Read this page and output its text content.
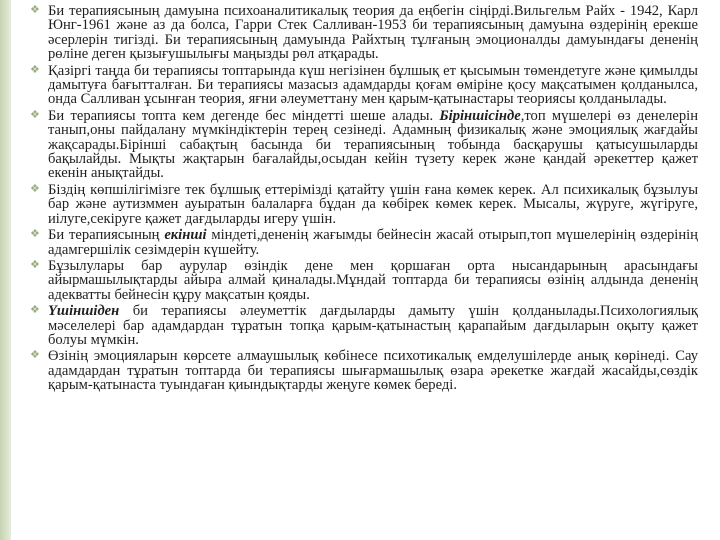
❖ Би терапиясының дамуына психоаналитикалық теория да еңбегін сіңірді.Вильгельм Райх - 1942, Карл Юнг-1961 және аз да болса, Гарри Стек Салливан-1953 би терапиясының дамуына өздерінің ерекше әсерлерін тигізді. Би терапиясының дамуында Райхтың тұлғаның эмоционалды дамуындағы дененің рөліне деген қызығушылығы маңызды рөл атқарады.
❖ Қазіргі таңда би терапиясы топтарында күш негізінен бұлшық ет қысымын төмендетуге және қимылды дамытуға бағытталған. Би терапиясы мазасыз адамдарды қоғам өміріне қосу мақсатымен қолданылса, онда Салливан ұсынған теория, яғни әлеуметтану мен қарым-қатынастары теориясы қолданылады.
❖ Би терапиясы топта кем дегенде бес міндетті шеше алады. Біріншісінде,топ мүшелері өз денелерін танып,оны пайдалану мүмкіндіктерін терең сезінеді. Адамның физикалық және эмоциялық жағдайы жақсарады.Бірінші сабақтың басында би терапиясының тобында басқарушы қатысушыларды бақылайды. Мықты жақтарын бағалайды,осыдан кейін түзету керек және қандай әрекеттер қажет екенін анықтайды.
❖ Біздің көпшілігімізге тек бұлшық еттерімізді қатайту үшін ғана көмек керек. Ал психикалық бұзылуы бар және аутизммен ауыратын балаларға бұдан да көбірек көмек керек. Мысалы, жүруге, жүгіруге, иілуге,секіруге қажет дағдыларды игеру үшін.
❖ Би терапиясының екінші міндеті,дененің жағымды бейнесін жасай отырып,топ мүшелерінің өздерінің адамгершілік сезімдерін күшейту.
❖ Бұзылулары бар аурулар өзіндік дене мен қоршаған орта нысандарының арасындағы айырмашылықтарды айыра алмай қиналады.Мұндай топтарда би терапиясы өзінің алдында дененің адекватты бейнесін құру мақсатын қояды.
❖ Үшіншіден би терапиясы әлеуметтік дағдыларды дамыту үшін қолданылады.Психологиялық мәселелері бар адамдардан тұратын топқа қарым-қатынастың қарапайым дағдыларын оқыту қажет болуы мүмкін.
❖ Өзінің эмоцияларын көрсете алмаушылық көбінесе психотикалық емделушілерде анық көрінеді. Сау адамдардан тұратын топтарда би терапиясы шығармашылық өзара әрекетке жағдай жасайды,сөздік қарым-қатынаста туындаған қиындықтарды жеңуге көмек береді.
